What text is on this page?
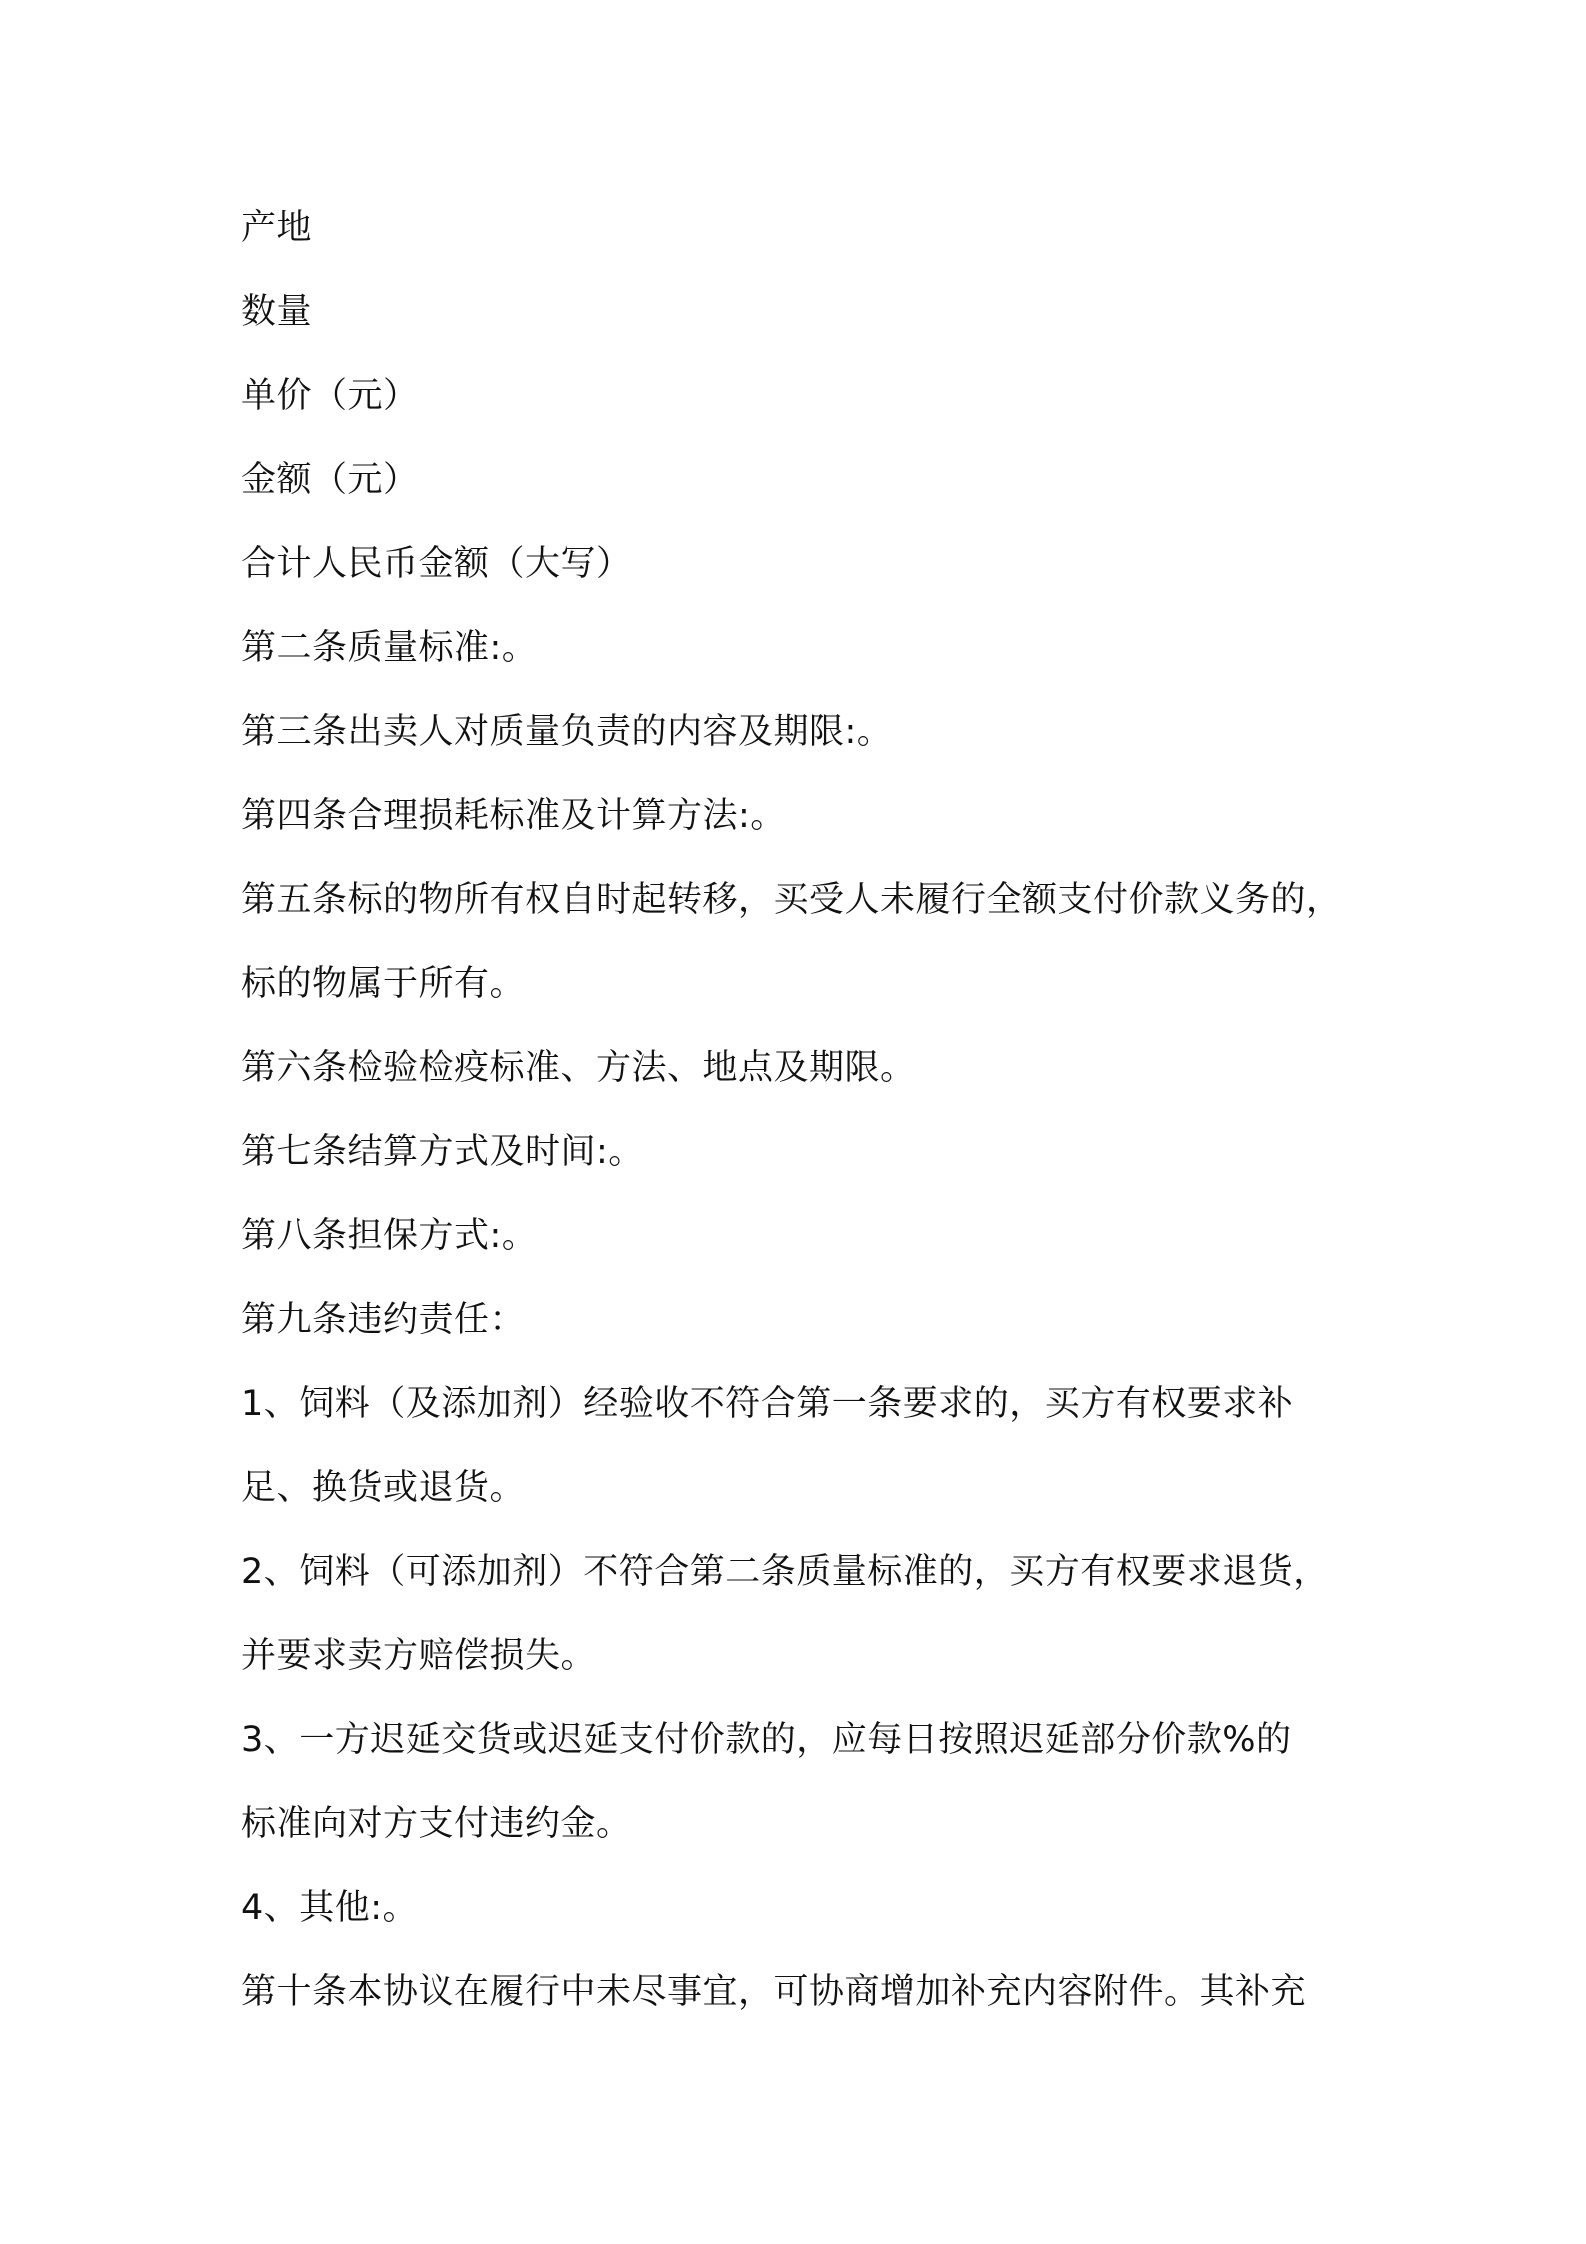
产地
数量
单价（元）
金额（元）
合计人民币金额（大写）
第二条质量标准:。
第三条出卖人对质量负责的内容及期限:。
第四条合理损耗标准及计算方法:。
第五条标的物所有权自时起转移，买受人未履行全额支付价款义务的，
标的物属于所有。
第六条检验检疫标准、方法、地点及期限。
第七条结算方式及时间:。
第八条担保方式:。
第九条违约责任：
1、饲料（及添加剂）经验收不符合第一条要求的，买方有权要求补
足、换货或退货。
2、饲料（可添加剂）不符合第二条质量标准的，买方有权要求退货，
并要求卖方赔偿损失。
3、一方迟延交货或迟延支付价款的，应每日按照迟延部分价款%的
标准向对方支付违约金。
4、其他:。
第十条本协议在履行中未尽事宜，可协商增加补充内容附件。其补充
